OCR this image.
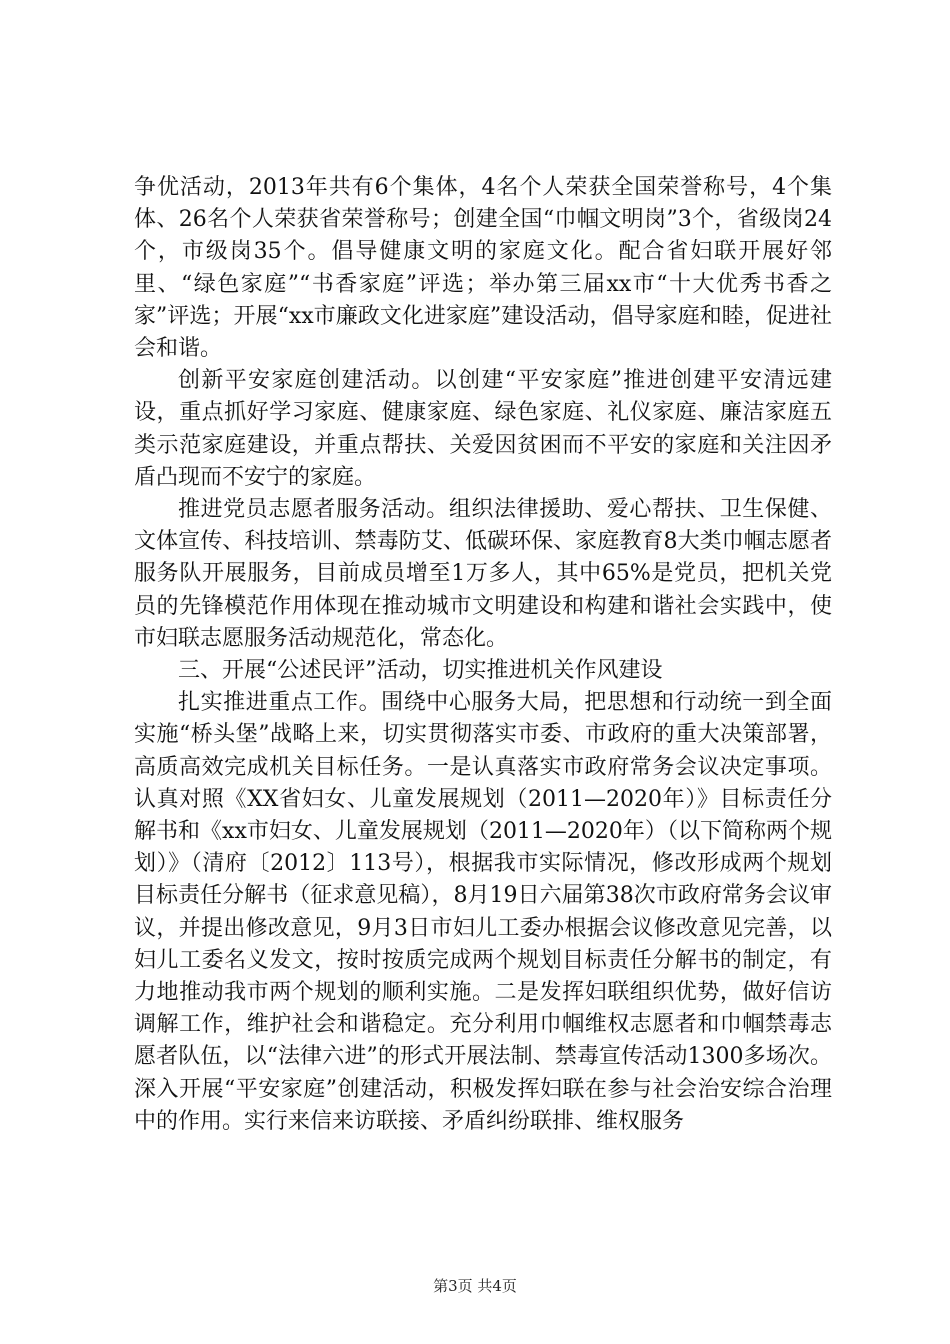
争优活动，2013年共有6个集体，4名个人荣获全国荣誉称号，4个集体、26名个人荣获省荣誉称号；创建全国“巾帼文明岗”3个，省级岗24个，市级岗35个。倡导健康文明的家庭文化。配合省妇联开展好邻里、“绿色家庭”“书香家庭”评选；举办第三届xx市“十大优秀书香之家”评选；开展“xx市廉政文化进家庭”建设活动，倡导家庭和睦，促进社会和谐。

创新平安家庭创建活动。以创建“平安家庭”推进创建平安清远建设，重点抓好学习家庭、健康家庭、绿色家庭、礼仪家庭、廉洁家庭五类示范家庭建设，并重点帮扶、关爱因贫困而不平安的家庭和关注因矛盾凸现而不安宁的家庭。

推进党员志愿者服务活动。组织法律援助、爱心帮扶、卫生保健、文体宣传、科技培训、禁毒防艾、低碳环保、家庭教育8大类巾帼志愿者服务队开展服务，目前成员增至1万多人，其中65%是党员，把机关党员的先锋模范作用体现在推动城市文明建设和构建和谐社会实践中，使市妇联志愿服务活动规范化，常态化。

三、开展“公述民评”活动，切实推进机关作风建设

扎实推进重点工作。围绕中心服务大局，把思想和行动统一到全面实施“桥头堡”战略上来，切实贯彻落实市委、市政府的重大决策部署，高质高效完成机关目标任务。一是认真落实市政府常务会议决定事项。认真对照《XX省妇女、儿童发展规划（2011—2020年）》目标责任分解书和《xx市妇女、儿童发展规划（2011—2020年）（以下简称两个规划）》（清府〔2012〕113号），根据我市实际情况，修改形成两个规划目标责任分解书（征求意见稿），8月19日六届第38次市政府常务会议审议，并提出修改意见，9月3日市妇儿工委办根据会议修改意见完善，以妇儿工委名义发文，按时按质完成两个规划目标责任分解书的制定，有力地推动我市两个规划的顺利实施。二是发挥妇联组织优势，做好信访调解工作，维护社会和谐稳定。充分利用巾帼维权志愿者和巾帼禁毒志愿者队伍，以“法律六进”的形式开展法制、禁毒宣传活动1300多场次。深入开展“平安家庭”创建活动，积极发挥妇联在参与社会治安综合治理中的作用。实行来信来访联接、矛盾纠纷联排、维权服务

第3页 共4页
